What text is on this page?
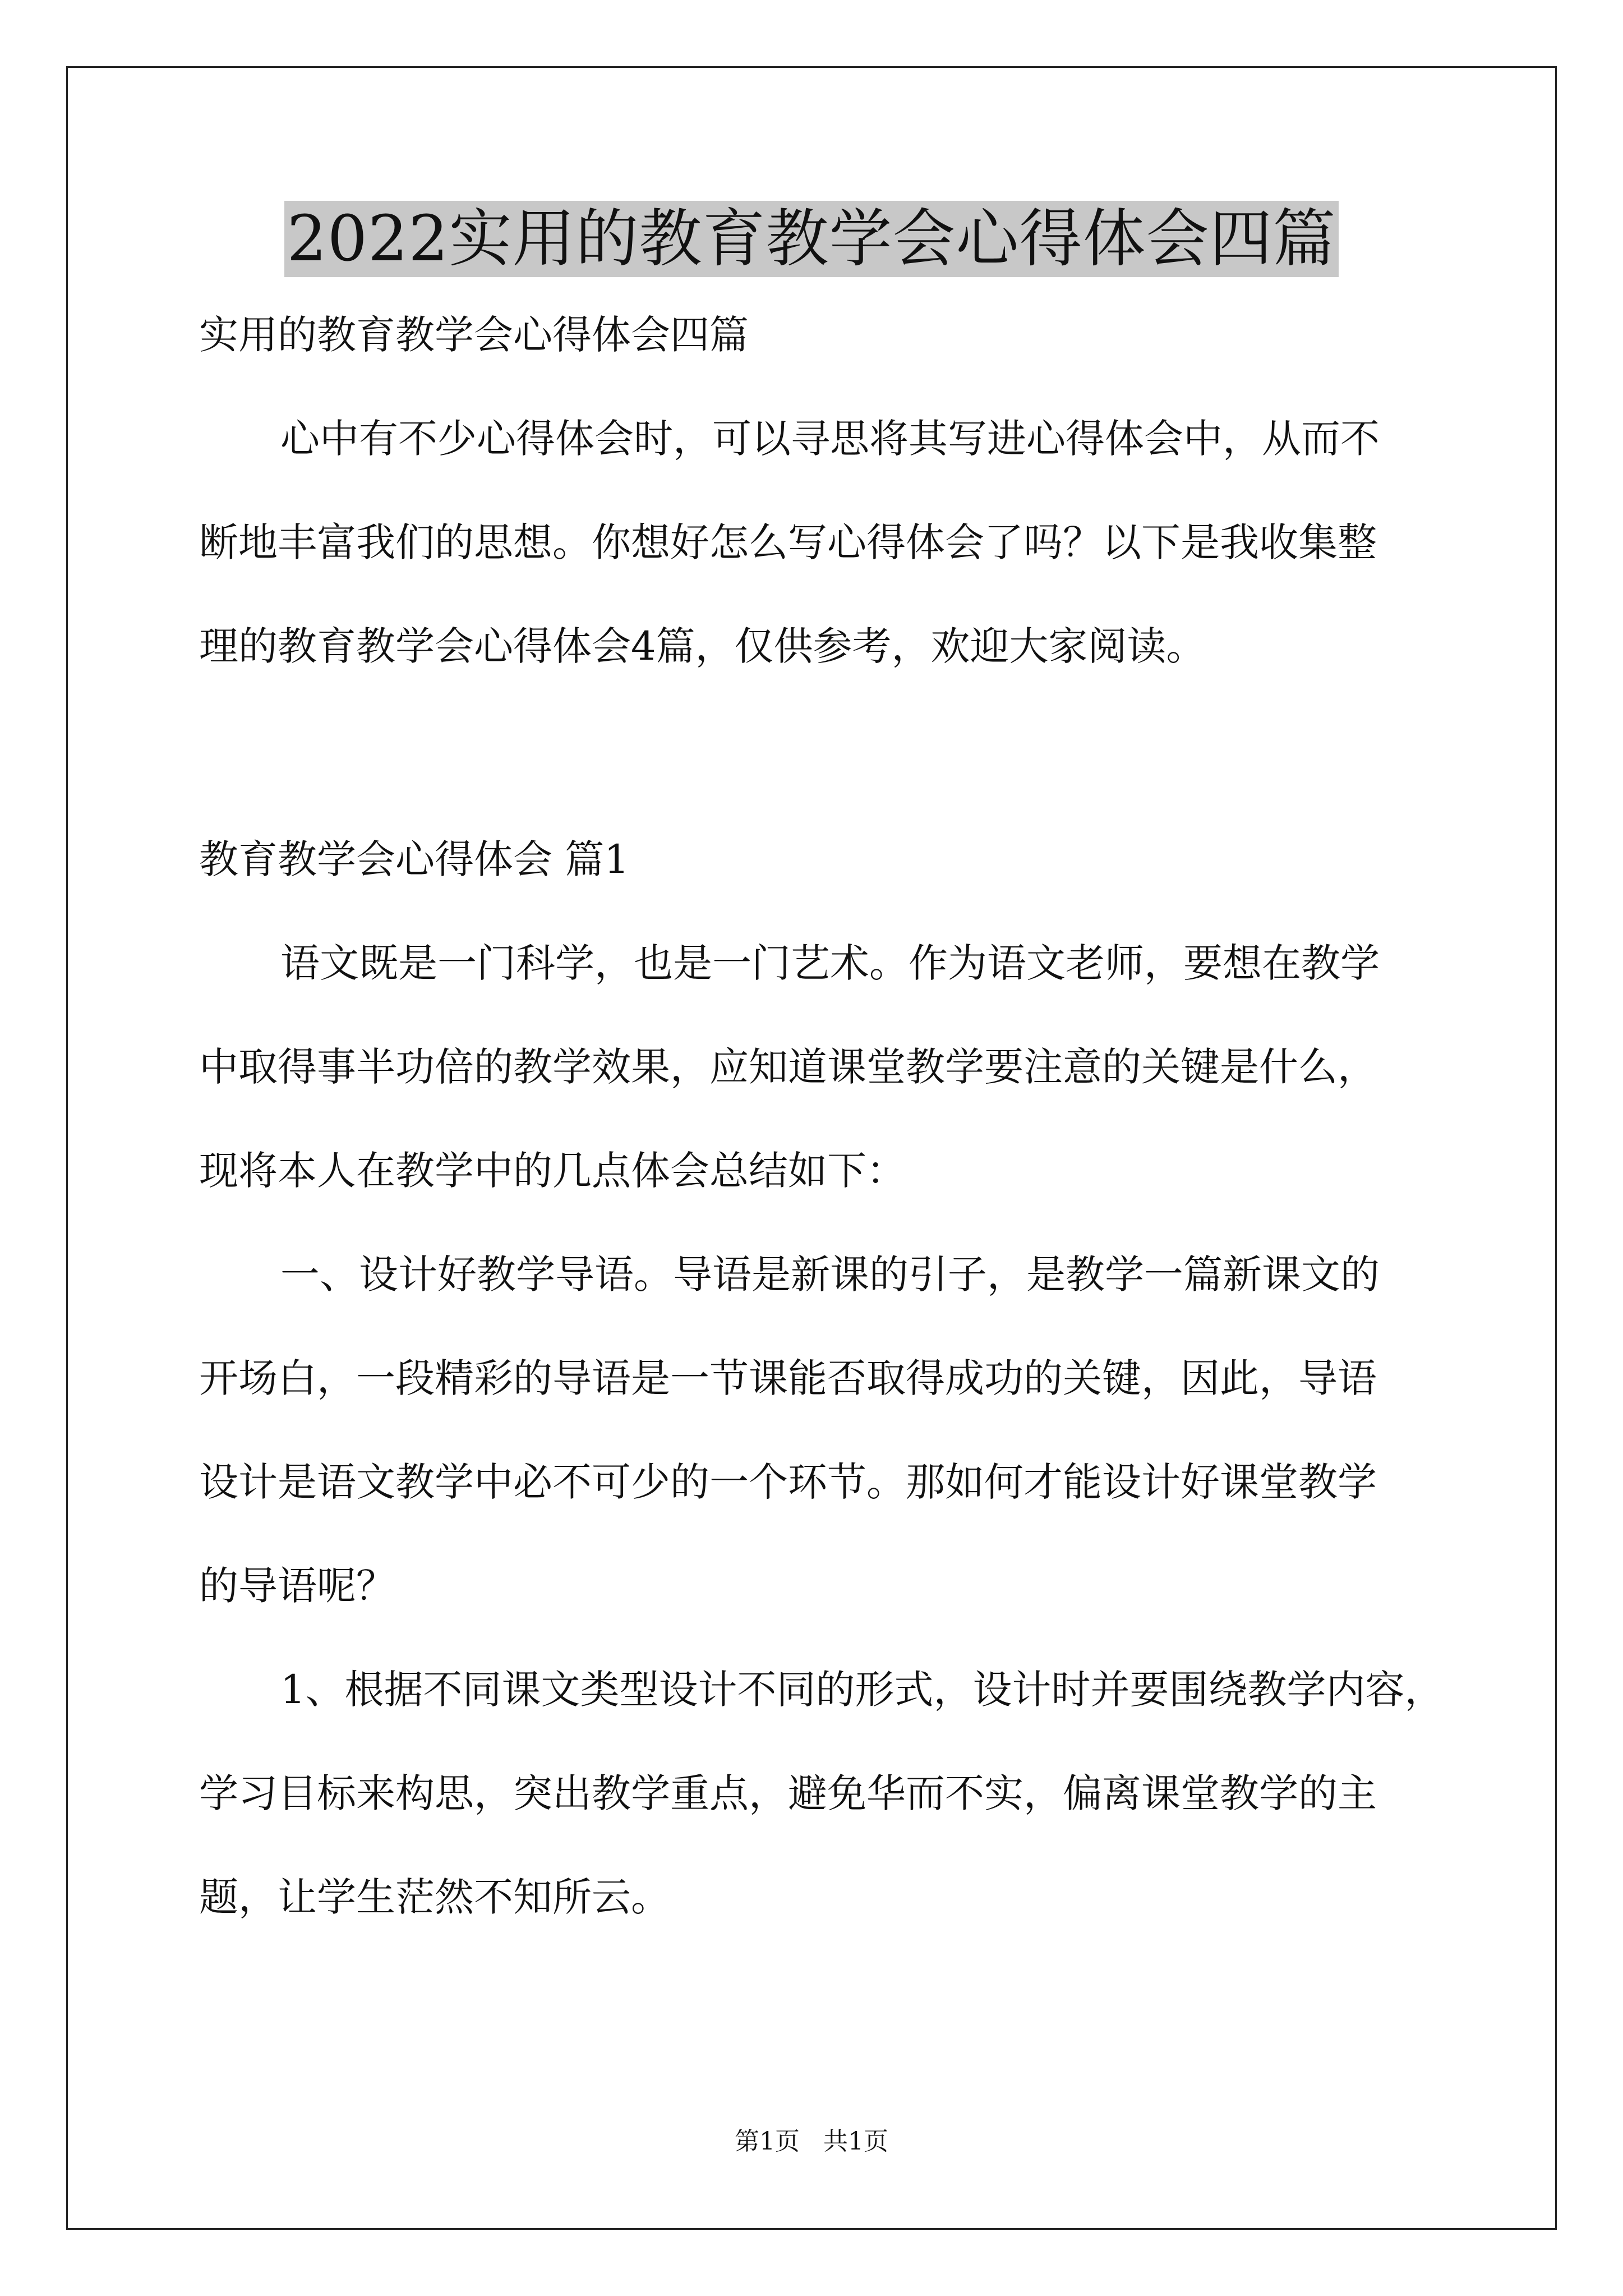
2022实用的教育教学会心得体会四篇
实用的教育教学会心得体会四篇
心中有不少心得体会时，可以寻思将其写进心得体会中，从而不
断地丰富我们的思想。你想好怎么写心得体会了吗？以下是我收集整
理的教育教学会心得体会4篇，仅供参考，欢迎大家阅读。
教育教学会心得体会 篇1
语文既是一门科学，也是一门艺术。作为语文老师，要想在教学
中取得事半功倍的教学效果，应知道课堂教学要注意的关键是什么，
现将本人在教学中的几点体会总结如下：
一、设计好教学导语。导语是新课的引子，是教学一篇新课文的
开场白，一段精彩的导语是一节课能否取得成功的关键，因此，导语
设计是语文教学中必不可少的一个环节。那如何才能设计好课堂教学
的导语呢？
1、根据不同课文类型设计不同的形式，设计时并要围绕教学内容，
学习目标来构思，突出教学重点，避免华而不实，偏离课堂教学的主
题，让学生茫然不知所云。
第1页 共1页
